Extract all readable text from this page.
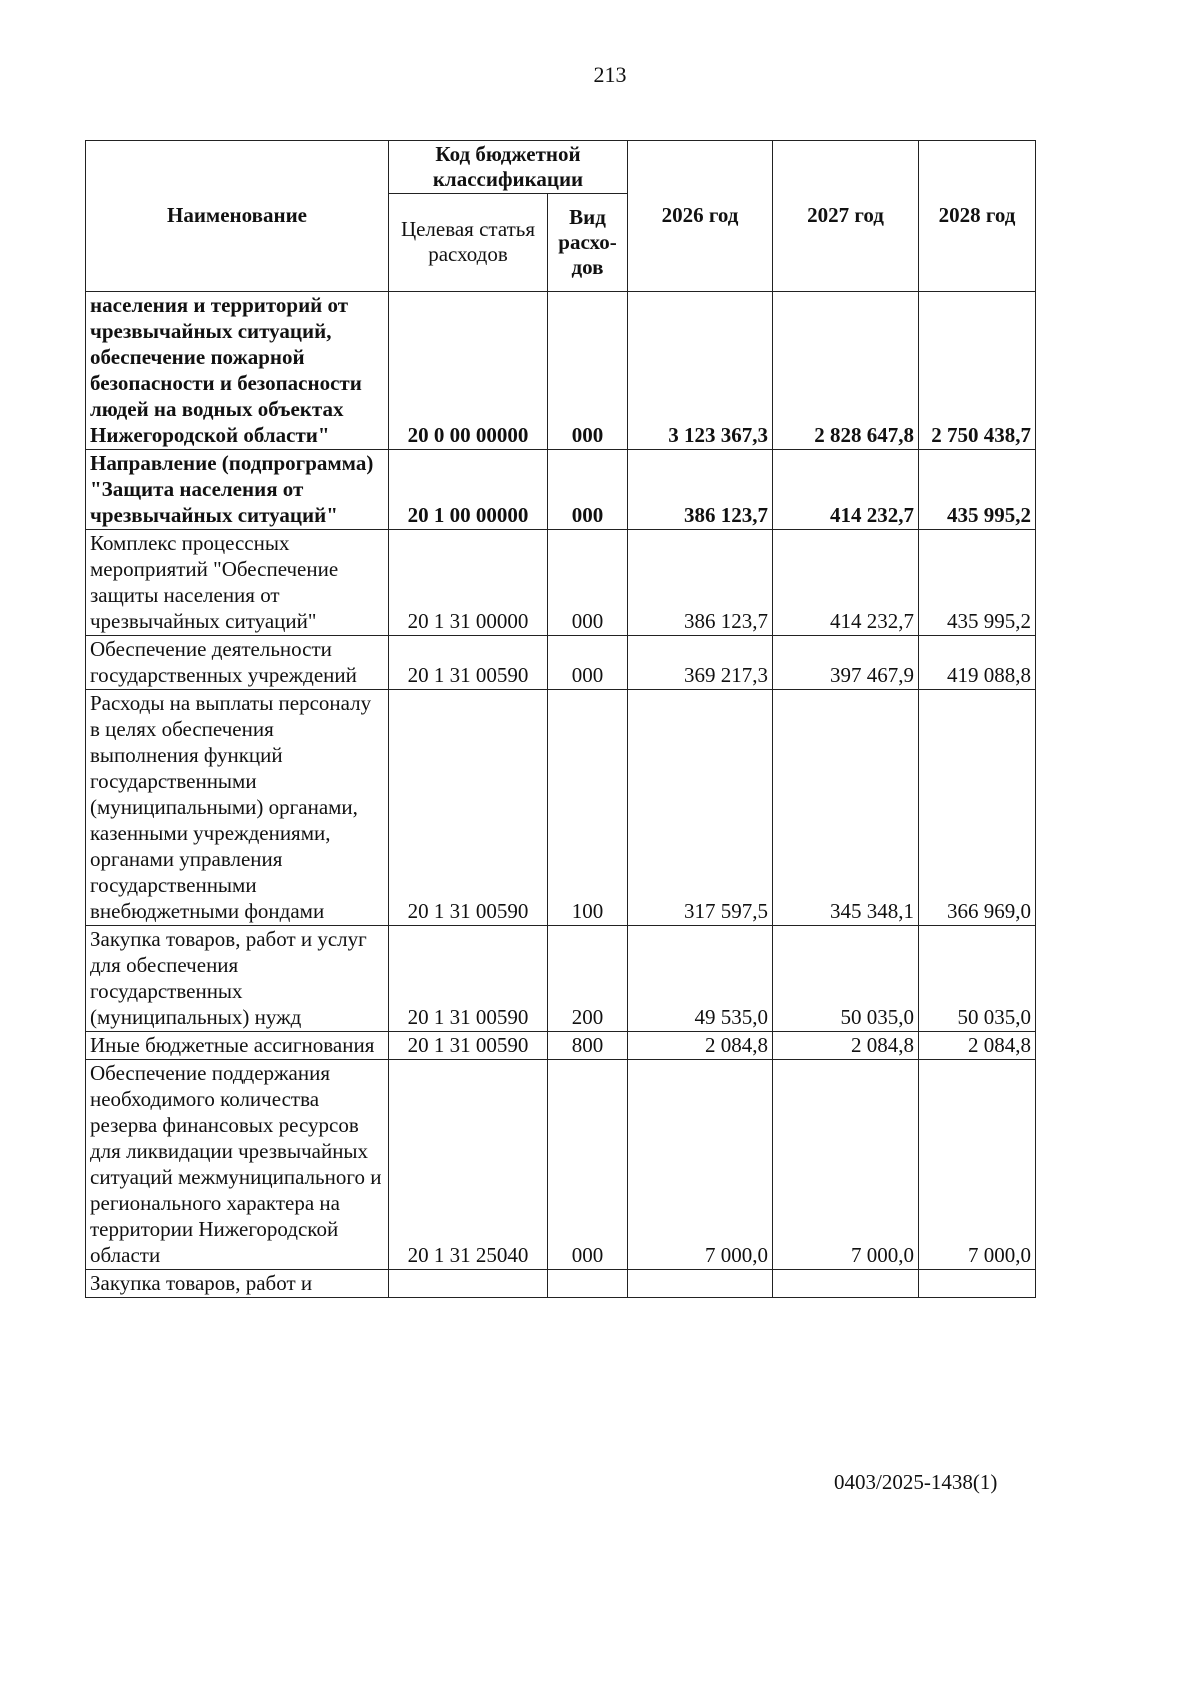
213
Наименование	Код бюджетной классификации		2026 год	2027 год	2028 год
	Целевая статья расходов	Вид расхо-дов			
населения и территорий от чрезвычайных ситуаций, обеспечение пожарной безопасности и безопасности людей на водных объектах Нижегородской области"	20 0 00 00000	000	3 123 367,3	2 828 647,8	2 750 438,7
Направление (подпрограмма) "Защита населения от чрезвычайных ситуаций"	20 1 00 00000	000	386 123,7	414 232,7	435 995,2
Комплекс процессных мероприятий "Обеспечение защиты населения от чрезвычайных ситуаций"	20 1 31 00000	000	386 123,7	414 232,7	435 995,2
Обеспечение деятельности государственных учреждений	20 1 31 00590	000	369 217,3	397 467,9	419 088,8
Расходы на выплаты персоналу в целях обеспечения выполнения функций государственными (муниципальными) органами, казенными учреждениями, органами управления государственными внебюджетными фондами	20 1 31 00590	100	317 597,5	345 348,1	366 969,0
Закупка товаров, работ и услуг для обеспечения государственных (муниципальных) нужд	20 1 31 00590	200	49 535,0	50 035,0	50 035,0
Иные бюджетные ассигнования	20 1 31 00590	800	2 084,8	2 084,8	2 084,8
Обеспечение поддержания необходимого количества резерва финансовых ресурсов для ликвидации чрезвычайных ситуаций межмуниципального и регионального характера на территории Нижегородской области	20 1 31 25040	000	7 000,0	7 000,0	7 000,0
Закупка товаров, работ и					
0403/2025-1438(1)
